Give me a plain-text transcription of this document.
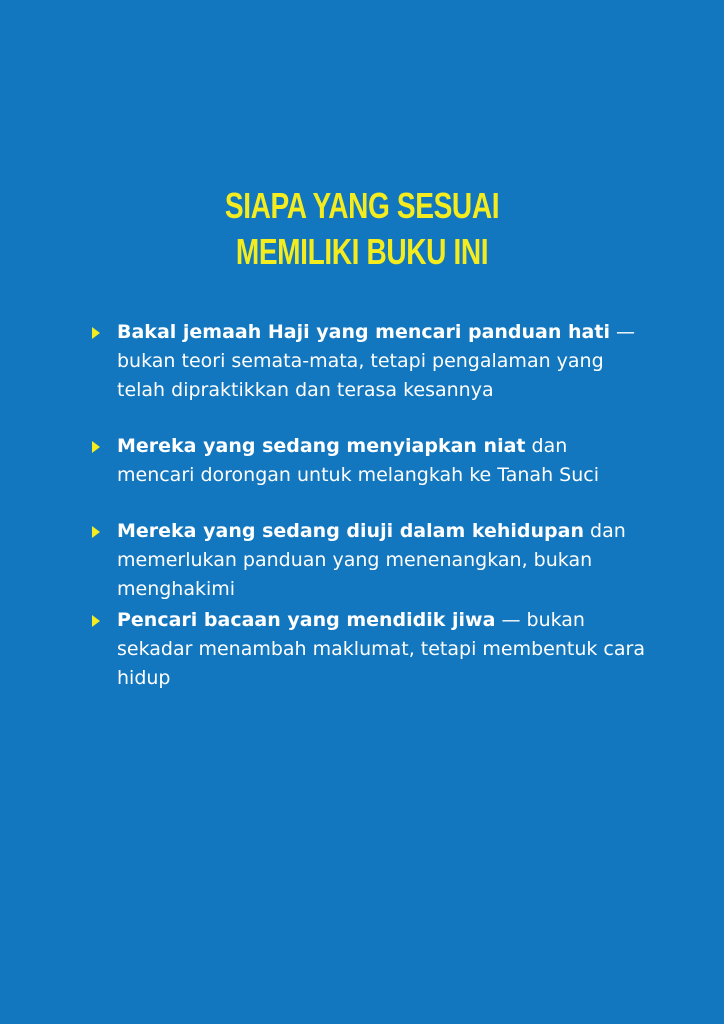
SIAPA YANG SESUAI
MEMILIKI BUKU INI
Bakal jemaah Haji yang mencari panduan hati — bukan teori semata-mata, tetapi pengalaman yang telah dipraktikkan dan terasa kesannya
Mereka yang sedang menyiapkan niat dan mencari dorongan untuk melangkah ke Tanah Suci
Mereka yang sedang diuji dalam kehidupan dan memerlukan panduan yang menenangkan, bukan menghakimi
Pencari bacaan yang mendidik jiwa — bukan sekadar menambah maklumat, tetapi membentuk cara hidup
